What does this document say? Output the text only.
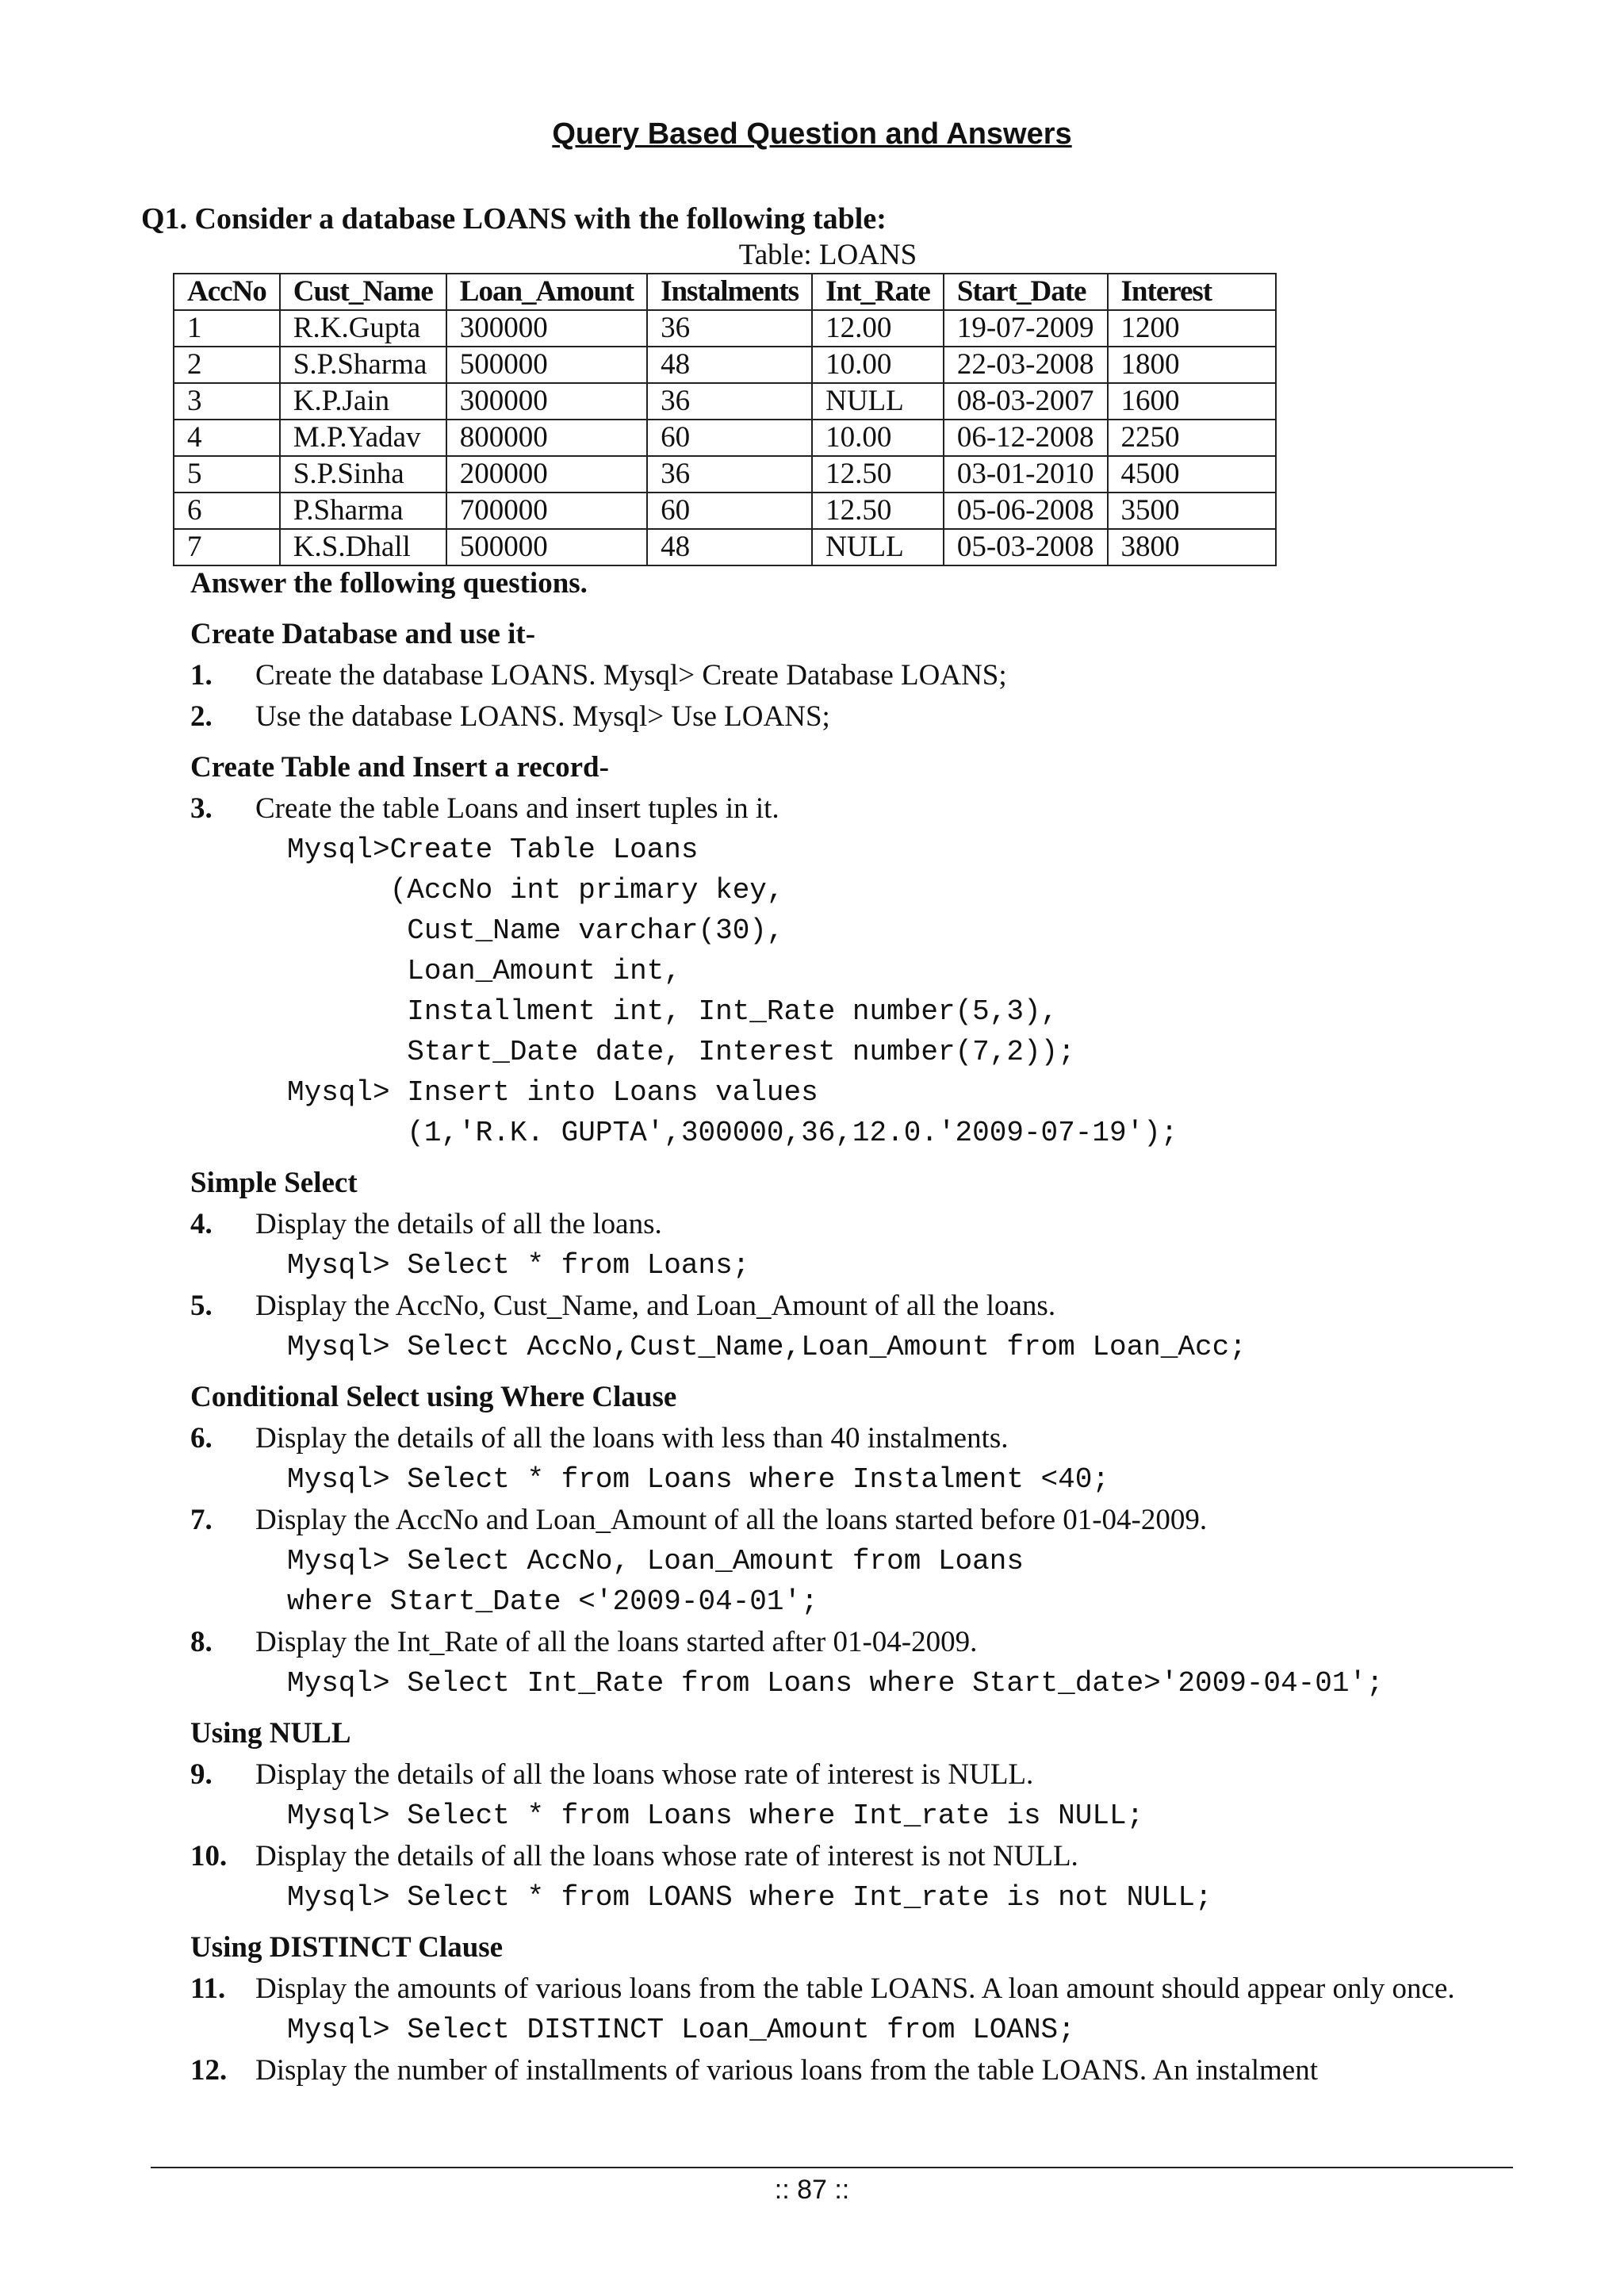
Query Based Question and Answers
Q1. Consider a database LOANS with the following table:
Table: LOANS
AccNo	Cust_Name	Loan_Amount	Instalments	Int_Rate	Start_Date	Interest
1	R.K.Gupta	300000	36	12.00	19-07-2009	1200
2	S.P.Sharma	500000	48	10.00	22-03-2008	1800
3	K.P.Jain	300000	36	NULL	08-03-2007	1600
4	M.P.Yadav	800000	60	10.00	06-12-2008	2250
5	S.P.Sinha	200000	36	12.50	03-01-2010	4500
6	P.Sharma	700000	60	12.50	05-06-2008	3500
7	K.S.Dhall	500000	48	NULL	05-03-2008	3800
Answer the following questions.
Create Database and use it-
1. Create the database LOANS. Mysql> Create Database LOANS;
2. Use the database LOANS. Mysql> Use LOANS;
Create Table and Insert a record-
3. Create the table Loans and insert tuples in it.
Mysql>Create Table Loans
(AccNo int primary key,
Cust_Name varchar(30),
Loan_Amount int,
Installment int, Int_Rate number(5,3),
Start_Date date, Interest number(7,2));
Mysql> Insert into Loans values
(1,'R.K. GUPTA',300000,36,12.0.'2009-07-19');
Simple Select
4. Display the details of all the loans.
Mysql> Select * from Loans;
5. Display the AccNo, Cust_Name, and Loan_Amount of all the loans.
Mysql> Select AccNo,Cust_Name,Loan_Amount from Loan_Acc;
Conditional Select using Where Clause
6. Display the details of all the loans with less than 40 instalments.
Mysql> Select * from Loans where Instalment <40;
7. Display the AccNo and Loan_Amount of all the loans started before 01-04-2009.
Mysql> Select AccNo, Loan_Amount from Loans
where Start_Date <'2009-04-01';
8. Display the Int_Rate of all the loans started after 01-04-2009.
Mysql> Select Int_Rate from Loans where Start_date>'2009-04-01';
Using NULL
9. Display the details of all the loans whose rate of interest is NULL.
Mysql> Select * from Loans where Int_rate is NULL;
10. Display the details of all the loans whose rate of interest is not NULL.
Mysql> Select * from LOANS where Int_rate is not NULL;
Using DISTINCT Clause
11. Display the amounts of various loans from the table LOANS. A loan amount should appear only once.
Mysql> Select DISTINCT Loan_Amount from LOANS;
12. Display the number of installments of various loans from the table LOANS. An instalment
:: 87 ::
